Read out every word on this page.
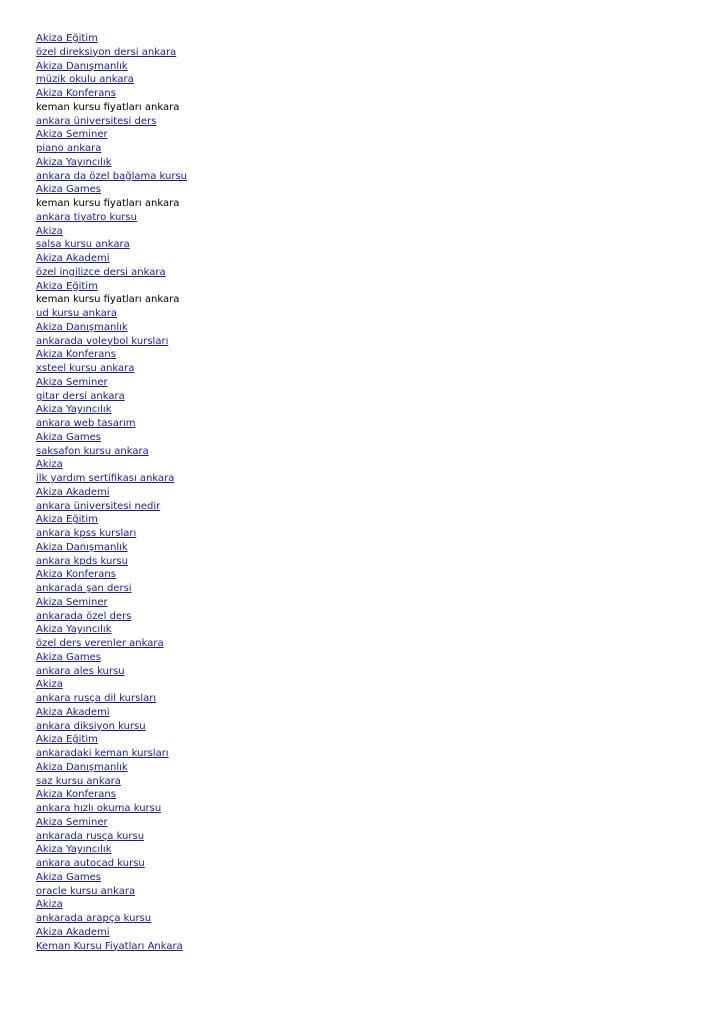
Akiza Eğitim
özel direksiyon dersi ankara
Akiza Danışmanlık
müzik okulu ankara
Akiza Konferans
keman kursu fiyatları ankara
ankara üniversitesi ders
Akiza Seminer
piano ankara
Akiza Yayıncılık
ankara da özel bağlama kursu
Akiza Games
keman kursu fiyatları ankara
ankara tiyatro kursu
Akiza
salsa kursu ankara
Akiza Akademi
özel ingilizce dersi ankara
Akiza Eğitim
keman kursu fiyatları ankara
ud kursu ankara
Akiza Danışmanlık
ankarada voleybol kursları
Akiza Konferans
xsteel kursu ankara
Akiza Seminer
gitar dersi ankara
Akiza Yayıncılık
ankara web tasarım
Akiza Games
saksafon kursu ankara
Akiza
ilk yardım sertifikası ankara
Akiza Akademi
ankara üniversitesi nedir
Akiza Eğitim
ankara kpss kursları
Akiza Danışmanlık
ankara kpds kursu
Akiza Konferans
ankarada şan dersi
Akiza Seminer
ankarada özel ders
Akiza Yayıncılık
özel ders verenler ankara
Akiza Games
ankara ales kursu
Akiza
ankara rusça dil kursları
Akiza Akademi
ankara diksiyon kursu
Akiza Eğitim
ankaradaki keman kursları
Akiza Danışmanlık
saz kursu ankara
Akiza Konferans
ankara hızlı okuma kursu
Akiza Seminer
ankarada rusça kursu
Akiza Yayıncılık
ankara autocad kursu
Akiza Games
oracle kursu ankara
Akiza
ankarada arapça kursu
Akiza Akademi
Keman Kursu Fiyatları Ankara
